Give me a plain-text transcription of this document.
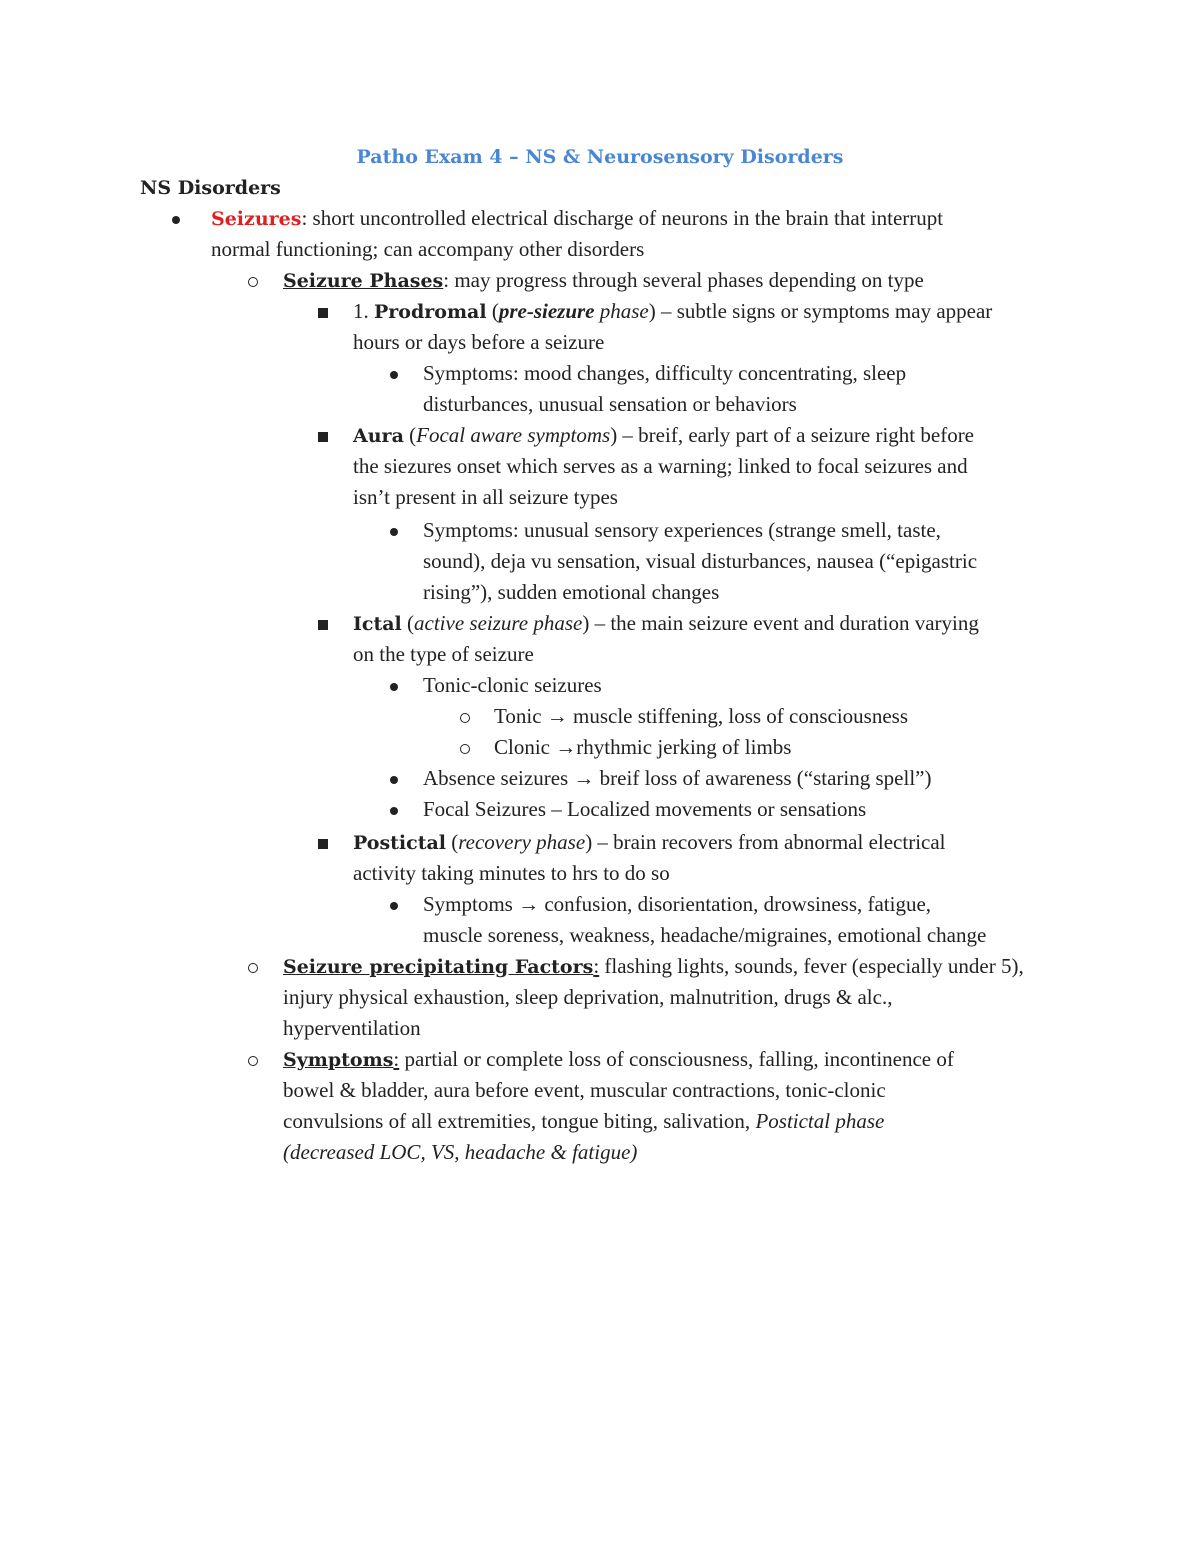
Patho Exam 4 – NS & Neurosensory Disorders
NS Disorders

Seizures: short uncontrolled electrical discharge of neurons in the brain that interrupt

normal functioning; can accompany other disorders

Seizure Phases: may progress through several phases depending on type

1. Prodromal (pre-siezure phase) – subtle signs or symptoms may appear

hours or days before a seizure

Symptoms: mood changes, difficulty concentrating, sleep

disturbances, unusual sensation or behaviors

Aura (Focal aware symptoms) – breif, early part of a seizure right before

the siezures onset which serves as a warning; linked to focal seizures and

isn’t present in all seizure types

Symptoms: unusual sensory experiences (strange smell, taste,

sound), deja vu sensation, visual disturbances, nausea (“epigastric

rising”), sudden emotional changes

Ictal (active seizure phase) – the main seizure event and duration varying

on the type of seizure

Tonic-clonic seizures

Tonic → muscle stiffening, loss of consciousness

Clonic →rhythmic jerking of limbs

Absence seizures → breif loss of awareness (“staring spell”)

Focal Seizures – Localized movements or sensations

Postictal (recovery phase) – brain recovers from abnormal electrical

activity taking minutes to hrs to do so

Symptoms → confusion, disorientation, drowsiness, fatigue,

muscle soreness, weakness, headache/migraines, emotional change

Seizure precipitating Factors: flashing lights, sounds, fever (especially under 5),

injury physical exhaustion, sleep deprivation, malnutrition, drugs & alc.,

hyperventilation

Symptoms: partial or complete loss of consciousness, falling, incontinence of

bowel & bladder, aura before event, muscular contractions, tonic-clonic

convulsions of all extremities, tongue biting, salivation, Postictal phase

(decreased LOC, VS, headache & fatigue)
